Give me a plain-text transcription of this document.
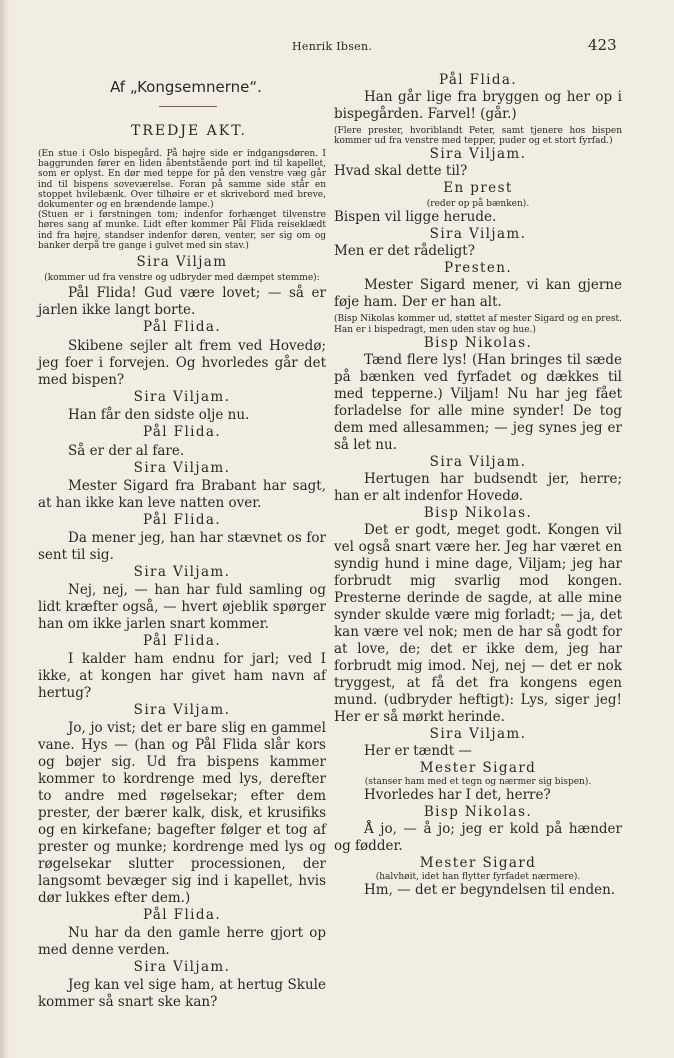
Henrik Ibsen.	423

Af „Kongsemnerne“.

TREDJE AKT.

(En stue i Oslo bispegård. På højre side er indgangsdøren. I baggrunden fører en liden åbentstående port ind til kapellet, som er oplyst. En dør med teppe for på den venstre væg går ind til bispens soveværelse. Foran på samme side står en stoppet hvilebænk. Over tilhøire er et skrivebord med breve, dokumenter og en brændende lampe.)

(Stuen er i førstningen tom; indenfor forhænget tilvenstre høres sang af munke. Lidt efter kommer Pål Flida reiseklædt ind fra højre, standser indenfor døren, venter, ser sig om og banker derpå tre gange i gulvet med sin stav.)

Sira Viljam

(kommer ud fra venstre og udbryder med dæmpet stemme):

Pål Flida! Gud være lovet; — så er jarlen ikke langt borte.

Pål Flida.

Skibene sejler alt frem ved Hovedø; jeg foer i forvejen. Og hvorledes går det med bispen?

Sira Viljam.

Han får den sidste olje nu.

Pål Flida.

Så er der al fare.

Sira Viljam.

Mester Sigard fra Brabant har sagt, at han ikke kan leve natten over.

Pål Flida.

Da mener jeg, han har stævnet os for sent til sig.

Sira Viljam.

Nej, nej, — han har fuld samling og lidt kræfter også, — hvert øjeblik spørger han om ikke jarlen snart kommer.

Pål Flida.

I kalder ham endnu for jarl; ved I ikke, at kongen har givet ham navn af hertug?

Sira Viljam.

Jo, jo vist; det er bare slig en gammel vane. Hys — (han og Pål Flida slår kors og bøjer sig. Ud fra bispens kammer kommer to kordrenge med lys, derefter to andre med røgelsekar; efter dem prester, der bærer kalk, disk, et krusifiks og en kirkefane; bagefter følger et tog af prester og munke; kordrenge med lys og røgelsekar slutter processionen, der langsomt bevæger sig ind i kapellet, hvis dør lukkes efter dem.)

Pål Flida.

Nu har da den gamle herre gjort op med denne verden.

Sira Viljam.

Jeg kan vel sige ham, at hertug Skule kommer så snart ske kan?

Pål Flida.

Han går lige fra bryggen og her op i bispegården. Farvel! (går.)

(Flere prester, hvoriblandt Peter, samt tjenere hos bispen kommer ud fra venstre med tepper, puder og et stort fyrfad.)

Sira Viljam.

Hvad skal dette til?

En prest

(reder op på bænken).

Bispen vil ligge herude.

Sira Viljam.

Men er det rådeligt?

Presten.

Mester Sigard mener, vi kan gjerne føje ham. Der er han alt.

(Bisp Nikolas kommer ud, støttet af mester Sigard og en prest. Han er i bispedragt, men uden stav og hue.)

Bisp Nikolas.

Tænd flere lys! (Han bringes til sæde på bænken ved fyrfadet og dækkes til med tepperne.) Viljam! Nu har jeg fået forladelse for alle mine synder! De tog dem med allesammen; — jeg synes jeg er så let nu.

Sira Viljam.

Hertugen har budsendt jer, herre; han er alt indenfor Hovedø.

Bisp Nikolas.

Det er godt, meget godt. Kongen vil vel også snart være her. Jeg har været en syndig hund i mine dage, Viljam; jeg har forbrudt mig svarlig mod kongen. Presterne derinde de sagde, at alle mine synder skulde være mig forladt; — ja, det kan være vel nok; men de har så godt for at love, de; det er ikke dem, jeg har forbrudt mig imod. Nej, nej — det er nok tryggest, at få det fra kongens egen mund. (udbryder heftigt): Lys, siger jeg! Her er så mørkt herinde.

Sira Viljam.

Her er tændt —

Mester Sigard

(stanser ham med et tegn og nærmer sig bispen).

Hvorledes har I det, herre?

Bisp Nikolas.

Å jo, — å jo; jeg er kold på hænder og fødder.

Mester Sigard

(halvhøit, idet han flytter fyrfadet nærmere).

Hm, — det er begyndelsen til enden.
